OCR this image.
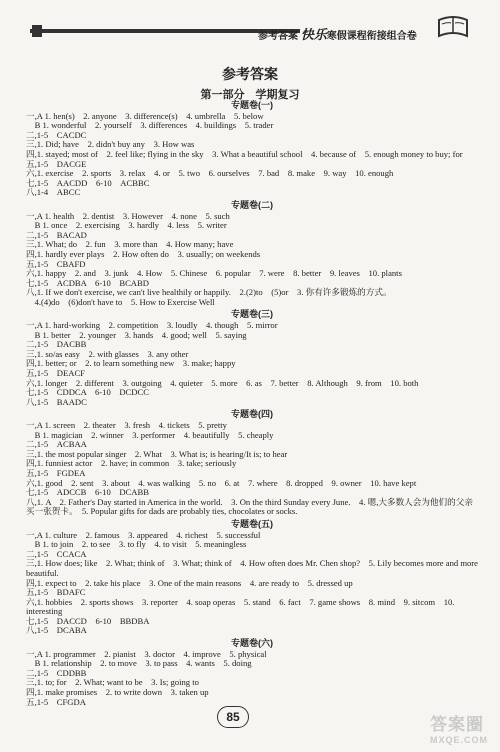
参考答案 快乐寒假课程衔接组合卷
参考答案
第一部分　学期复习
专题卷(一)
一,A 1. hen(s)　2. anyone　3. difference(s)　4. umbrella　5. below
　B 1. wonderful　2. yourself　3. differences　4. buildings　5. trader
二,1-5　CACDC
三,1. Did; have　2. didn't buy any　3. How was
四,1. stayed; most of　2. feel like; flying in the sky　3. What a beautiful school　4. because of　5. enough money to buy; for
五,1-5　DACGE
六,1. exercise　2. sports　3. relax　4. or　5. two　6. ourselves　7. bad　8. make　9. way　10. enough
七,1-5　AACDD　6-10　ACBBC
八,1-4　ABCC
专题卷(二)
一,A 1. health　2. dentist　3. However　4. none　5. such
　B 1. once　2. exercising　3. hardly　4. less　5. writer
二,1-5　BACAD
三,1. What; do　2. fun　3. more than　4. How many; have
四,1. hardly ever plays　2. How often do　3. usually; on weekends
五,1-5　CBAFD
六,1. happy　2. and　3. junk　4. How　5. Chinese　6. popular　7. were　8. better　9. leaves　10. plants
七,1-5　ACDBA　6-10　BCABD
八,1. If we don't exercise, we can't live healthily or happily.　2.(2)to　(5)or　3. 你有许多锻炼的方式。
　4.(4)do　(6)don't have to　5. How to Exercise Well
专题卷(三)
一,A 1. hard-working　2. competition　3. loudly　4. though　5. mirror
　B 1. better　2. younger　3. hands　4. good; well　5. saying
二,1-5　DACBB
三,1. so/as easy　2. with glasses　3. any other
四,1. better; or　2. to learn something new　3. make; happy
五,1-5　DEACF
六,1. longer　2. different　3. outgoing　4. quieter　5. more　6. as　7. better　8. Although　9. from　10. both
七,1-5　CDDCA　6-10　DCDCC
八,1-5　BAADC
专题卷(四)
一,A 1. screen　2. theater　3. fresh　4. tickets　5. pretty
　B 1. magician　2. winner　3. performer　4. beautifully　5. cheaply
二,1-5　ACBAA
三,1. the most popular singer　2. What　3. What is; is hearing/It is; to hear
四,1. funniest actor　2. have; in common　3. take; seriously
五,1-5　FGDEA
六,1. good　2. sent　3. about　4. was walking　5. no　6. at　7. where　8. dropped　9. owner　10. have kept
七,1-5　ADCCB　6-10　DCABB
八,1. A　2. Father's Day started in America in the world.　3. On the third Sunday every June.　4. 嗯,大多数人会为他们的父亲买一张贺卡。　5. Popular gifts for dads are probably ties, chocolates or socks.
专题卷(五)
一,A 1. culture　2. famous　3. appeared　4. richest　5. successful
　B 1. to join　2. to see　3. to fly　4. to visit　5. meaningless
二,1-5　CCACA
三,1. How does; like　2. What; think of　3. What; think of　4. How often does Mr. Chen shop?　5. Lily becomes more and more beautiful.
四,1. expect to　2. take his place　3. One of the main reasons　4. are ready to　5. dressed up
五,1-5　BDAFC
六,1. hobbies　2. sports shows　3. reporter　4. soap operas　5. stand　6. fact　7. game shows　8. mind　9. sitcom　10. interesting
七,1-5　DACCD　6-10　BBDBA
八,1-5　DCABA
专题卷(六)
一,A 1. programmer　2. pianist　3. doctor　4. improve　5. physical
　B 1. relationship　2. to move　3. to pass　4. wants　5. doing
二,1-5　CDDBB
三,1. to; for　2. What; want to be　3. Is; going to
四,1. make promises　2. to write down　3. taken up
五,1-5　CFGDA
85	答案圈
MXQE.COM
